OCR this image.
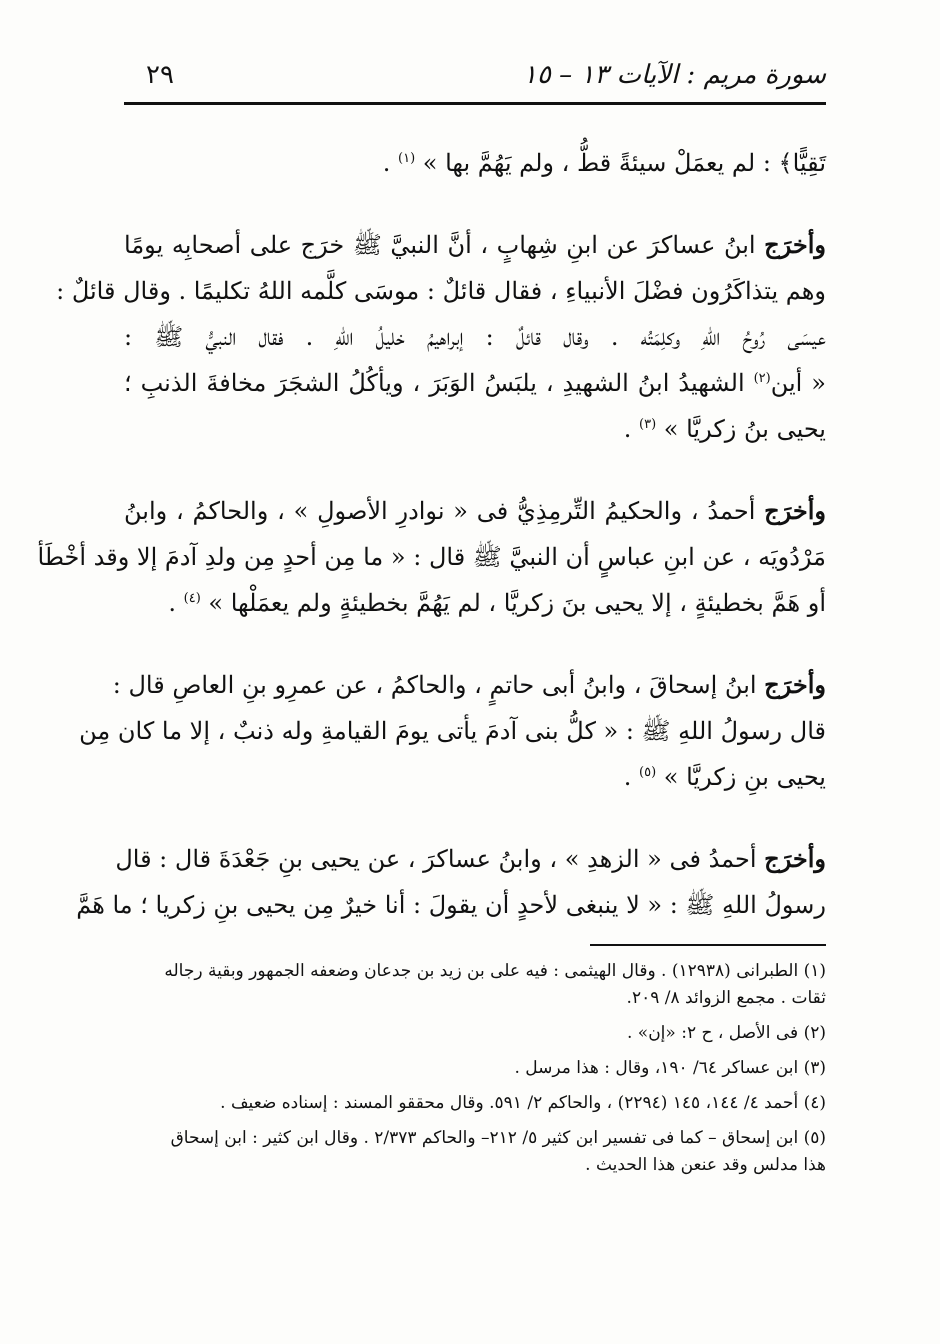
سورة مريم : الآيات ١٣ – ١٥
٢٩
تَقِيًّا﴾ : لم يعمَلْ سيئةً قطُّ ، ولم يَهُمَّ بها » $^{(١)}$ .
وأخرَج ابنُ عساكرَ عن ابنِ شِهابٍ ، أنَّ النبيَّ ﷺ خرَج على أصحابِه يومًا
وهم يتذاكَرُون فضْلَ الأنبياءِ ، فقال قائلٌ : موسَى كلَّمه اللهُ تكليمًا . وقال قائلٌ :
عيسَى رُوحُ اللهِ وكلِمَتُه . وقال قائلٌ : إبراهيمُ خليلُ اللهِ . فقال النبيُّ ﷺ :
« أين$^{(٢)}$ الشهيدُ ابنُ الشهيدِ ، يلبَسُ الوَبَرَ ، ويأكُلُ الشجَرَ مخافةَ الذنبِ ؛
يحيى بنُ زكريَّا » $^{(٣)}$ .
وأخرَج أحمدُ ، والحكيمُ التِّرمِذِيُّ فى « نوادرِ الأصولِ » ، والحاكمُ ، وابنُ
مَرْدُويَه ، عن ابنِ عباسٍ أن النبيَّ ﷺ قال : « ما مِن أحدٍ مِن ولدِ آدمَ إلا وقد أخْطَأ
أو هَمَّ بخطيئةٍ ، إلا يحيى بنَ زكريَّا ، لم يَهُمَّ بخطيئةٍ ولم يعمَلْها » $^{(٤)}$ .
وأخرَج ابنُ إسحاقَ ، وابنُ أبى حاتمٍ ، والحاكمُ ، عن عمرِو بنِ العاصِ قال :
قال رسولُ اللهِ ﷺ : « كلُّ بنى آدمَ يأتى يومَ القيامةِ وله ذنبٌ ، إلا ما كان مِن
يحيى بنِ زكريَّا » $^{(٥)}$ .
وأخرَج أحمدُ فى « الزهدِ » ، وابنُ عساكرَ ، عن يحيى بنِ جَعْدَةَ قال : قال
رسولُ اللهِ ﷺ : « لا ينبغى لأحدٍ أن يقولَ : أنا خيرٌ مِن يحيى بنِ زكريا ؛ ما هَمَّ
(١) الطبرانى (١٢٩٣٨) . وقال الهيثمى : فيه على بن زيد بن جدعان وضعفه الجمهور وبقية رجاله
ثقات . مجمع الزوائد ٨/ ٢٠٩.
(٢) فى الأصل ، ح ٢: «إن» .
(٣) ابن عساكر ٦٤/ ١٩٠، وقال : هذا مرسل .
(٤) أحمد ٤/ ١٤٤، ١٤٥ (٢٢٩٤) ، والحاكم ٢/ ٥٩١. وقال محققو المسند : إسناده ضعيف .
(٥) ابن إسحاق – كما فى تفسير ابن كثير ٥/ ٢١٢– والحاكم ٢/٣٧٣ . وقال ابن كثير : ابن إسحاق
هذا مدلس وقد عنعن هذا الحديث .
